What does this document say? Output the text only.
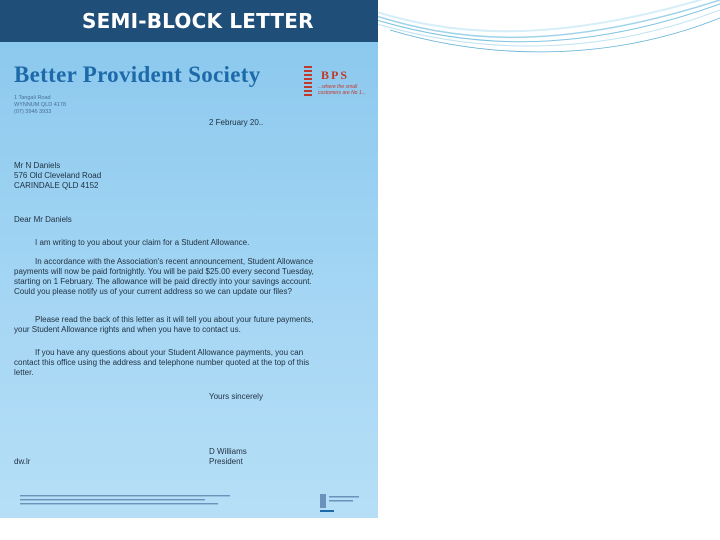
SEMI-BLOCK LETTER
Better Provident Society
1 Tangali Road
WYNNUM QLD 4178
(07) 3946 3933
BPS
...where the small
customers are No 1...
2 February 20..
Mr N Daniels
576 Old Cleveland Road
CARINDALE QLD 4152
Dear Mr Daniels
I am writing to you about your claim for a Student Allowance.
In accordance with the Association's recent announcement, Student Allowance
payments will now be paid fortnightly. You will be paid $25.00 every second Tuesday,
starting on 1 February. The allowance will be paid directly into your savings account.
Could you please notify us of your current address so we can update our files?
Please read the back of this letter as it will tell you about your future payments,
your Student Allowance rights and when you have to contact us.
If you have any questions about your Student Allowance payments, you can
contact this office using the address and telephone number quoted at the top of this
letter.
Yours sincerely
D Williams
President
dw.lr
